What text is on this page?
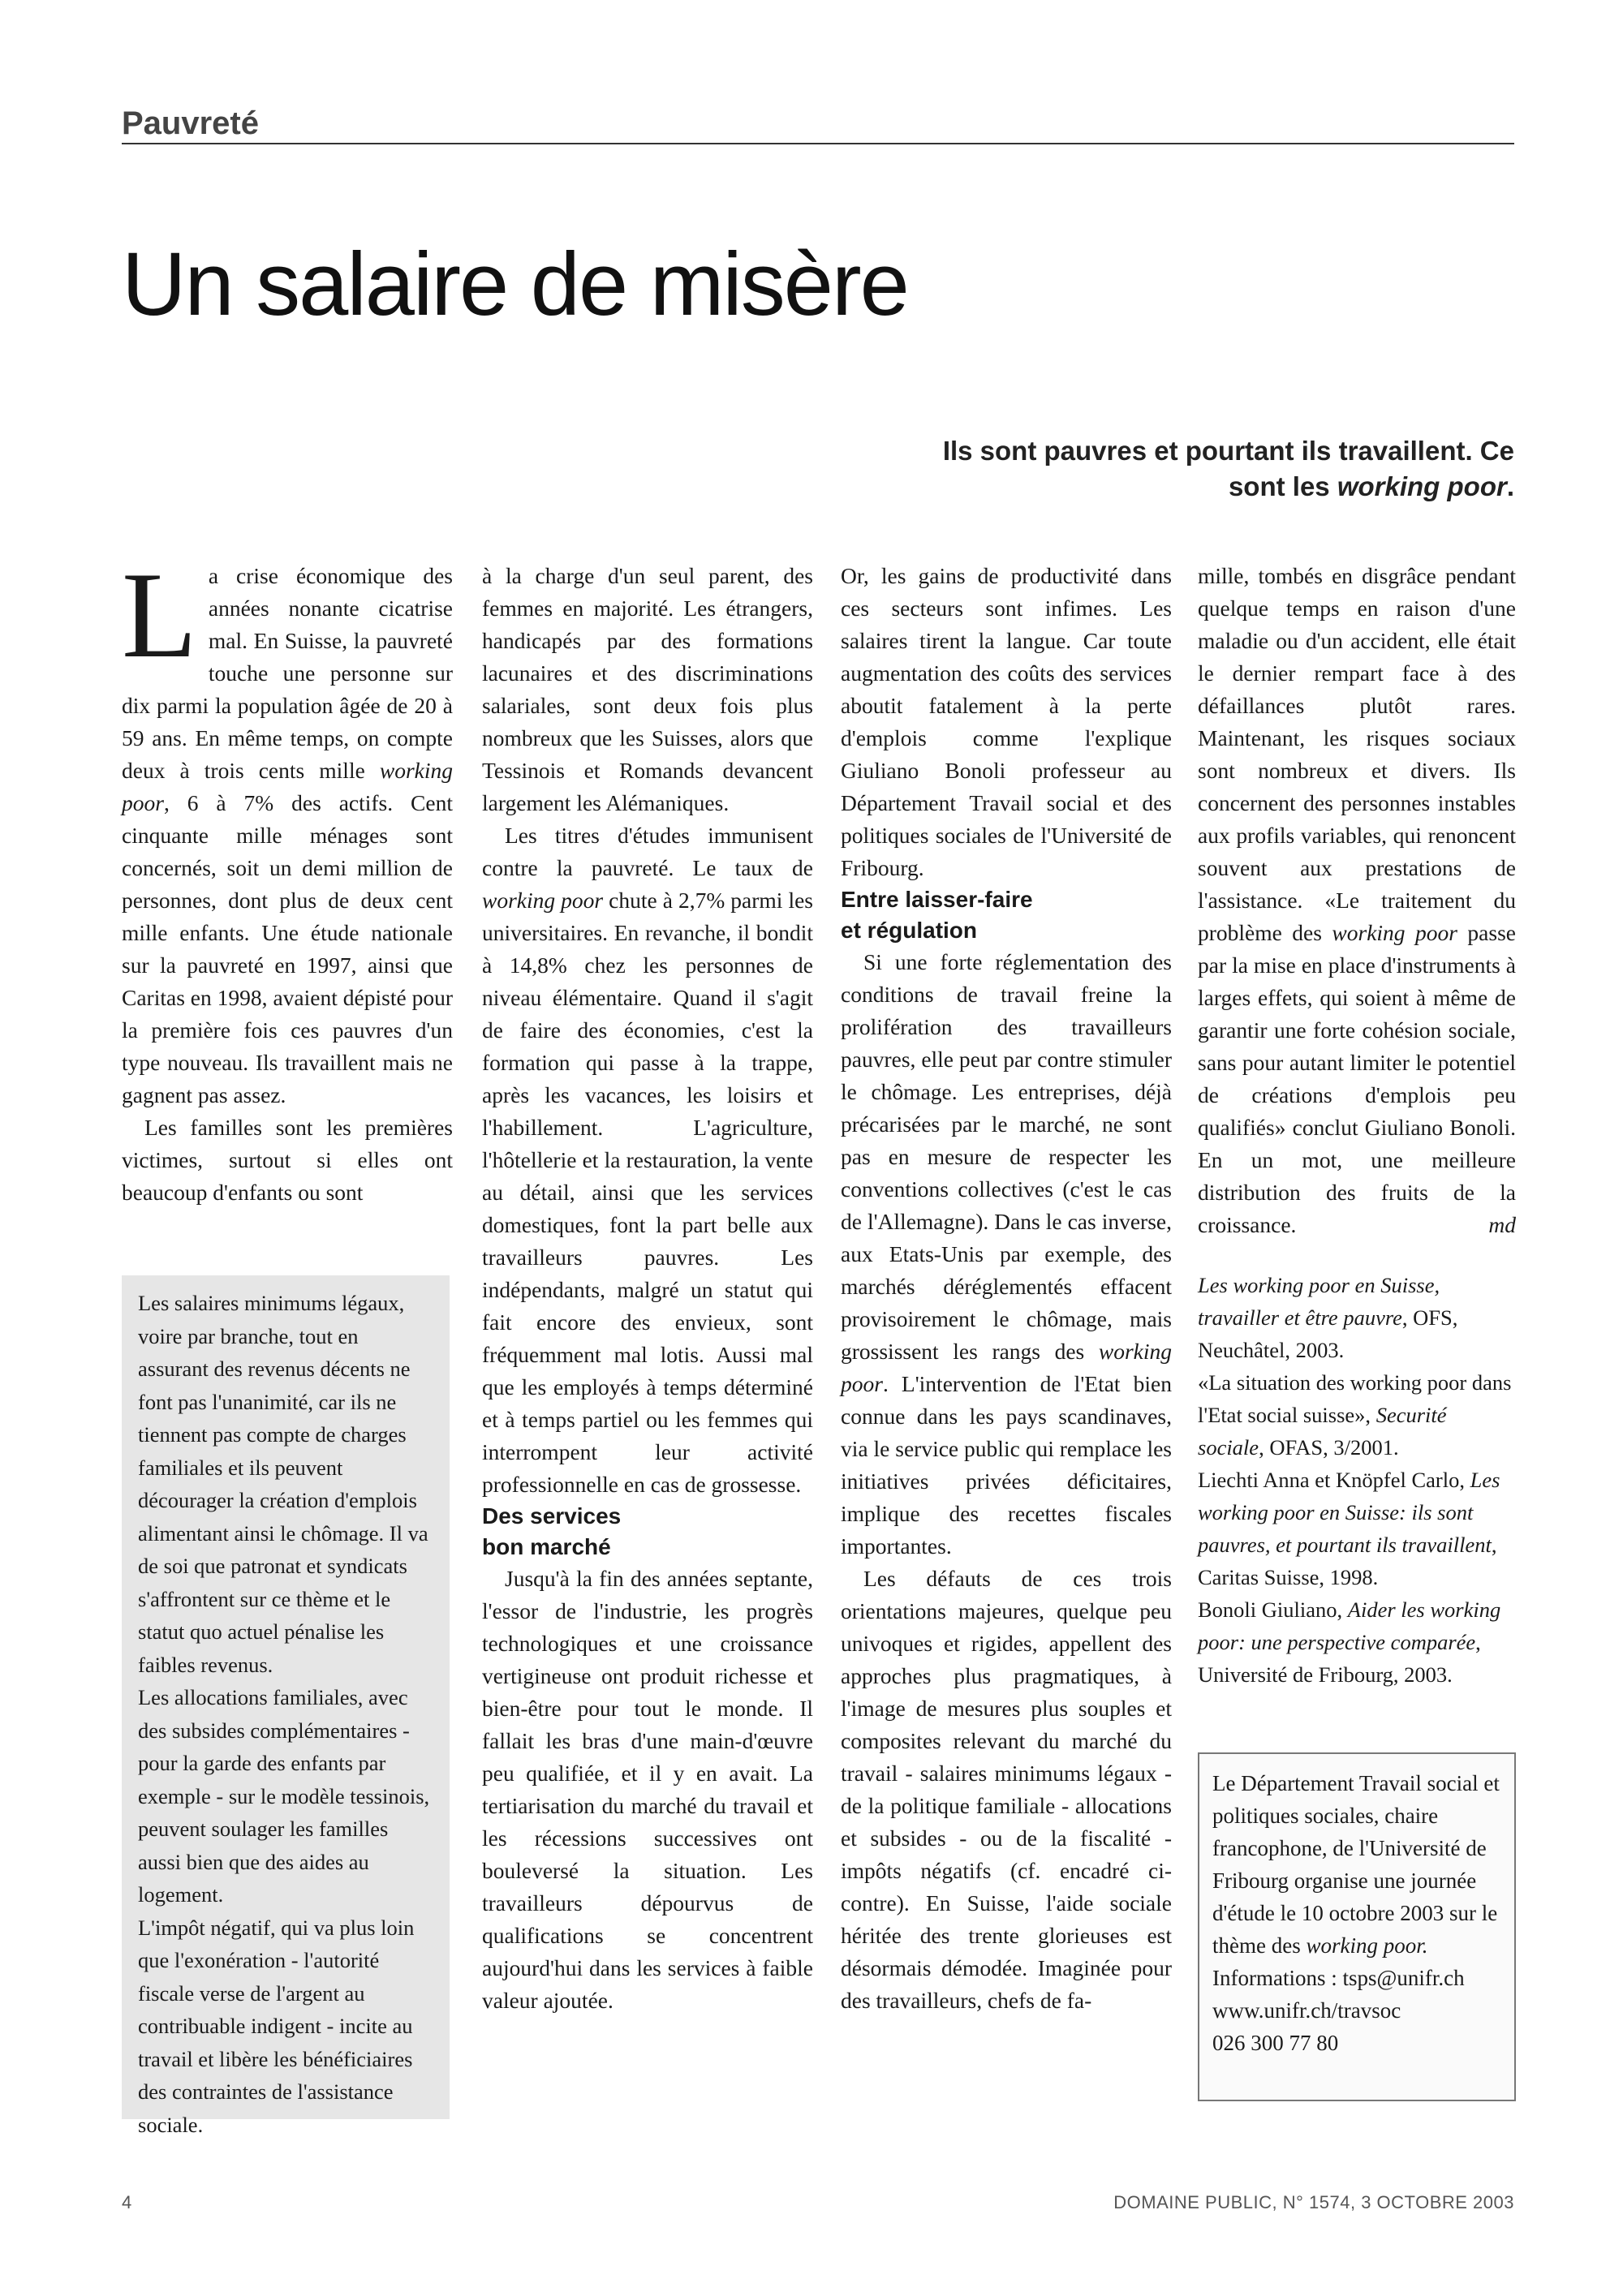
Pauvreté
Un salaire de misère
Ils sont pauvres et pourtant ils travaillent. Ce sont les working poor.

La crise économique des années nonante cicatrise mal. En Suisse, la pauvreté touche une personne sur dix parmi la population âgée de 20 à 59 ans. En même temps, on compte deux à trois cents mille working poor, 6 à 7% des actifs. Cent cinquante mille ménages sont concernés, soit un demi million de personnes, dont plus de deux cent mille enfants. Une étude nationale sur la pauvreté en 1997, ainsi que Caritas en 1998, avaient dépisté pour la première fois ces pauvres d'un type nouveau. Ils travaillent mais ne gagnent pas assez.

Les familles sont les premières victimes, surtout si elles ont beaucoup d'enfants ou sont

Les salaires minimums légaux, voire par branche, tout en assurant des revenus décents ne font pas l'unanimité, car ils ne tiennent pas compte de charges familiales et ils peuvent décourager la création d'emplois alimentant ainsi le chômage. Il va de soi que patronat et syndicats s'affrontent sur ce thème et le statut quo actuel pénalise les faibles revenus.

Les allocations familiales, avec des subsides complémentaires - pour la garde des enfants par exemple - sur le modèle tessinois, peuvent soulager les familles aussi bien que des aides au logement.

L'impôt négatif, qui va plus loin que l'exonération - l'autorité fiscale verse de l'argent au contribuable indigent - incite au travail et libère les bénéficiaires des contraintes de l'assistance sociale.

à la charge d'un seul parent, des femmes en majorité. Les étrangers, handicapés par des formations lacunaires et des discriminations salariales, sont deux fois plus nombreux que les Suisses, alors que Tessinois et Romands devancent largement les Alémaniques.

Les titres d'études immunisent contre la pauvreté. Le taux de working poor chute à 2,7% parmi les universitaires. En revanche, il bondit à 14,8% chez les personnes de niveau élémentaire. Quand il s'agit de faire des économies, c'est la formation qui passe à la trappe, après les vacances, les loisirs et l'habillement. L'agriculture, l'hôtellerie et la restauration, la vente au détail, ainsi que les services domestiques, font la part belle aux travailleurs pauvres. Les indépendants, malgré un statut qui fait encore des envieux, sont fréquemment mal lotis. Aussi mal que les employés à temps déterminé et à temps partiel ou les femmes qui interrompent leur activité professionnelle en cas de grossesse.

Des services
bon marché

Jusqu'à la fin des années septante, l'essor de l'industrie, les progrès technologiques et une croissance vertigineuse ont produit richesse et bien-être pour tout le monde. Il fallait les bras d'une main-d'œuvre peu qualifiée, et il y en avait. La tertiarisation du marché du travail et les récessions successives ont bouleversé la situation. Les travailleurs dépourvus de qualifications se concentrent aujourd'hui dans les services à faible valeur ajoutée.

Or, les gains de productivité dans ces secteurs sont infimes. Les salaires tirent la langue. Car toute augmentation des coûts des services aboutit fatalement à la perte d'emplois comme l'explique Giuliano Bonoli professeur au Département Travail social et des politiques sociales de l'Université de Fribourg.

Entre laisser-faire
et régulation

Si une forte réglementation des conditions de travail freine la prolifération des travailleurs pauvres, elle peut par contre stimuler le chômage. Les entreprises, déjà précarisées par le marché, ne sont pas en mesure de respecter les conventions collectives (c'est le cas de l'Allemagne). Dans le cas inverse, aux Etats-Unis par exemple, des marchés déréglementés effacent provisoirement le chômage, mais grossissent les rangs des working poor. L'intervention de l'Etat bien connue dans les pays scandinaves, via le service public qui remplace les initiatives privées déficitaires, implique des recettes fiscales importantes.

Les défauts de ces trois orientations majeures, quelque peu univoques et rigides, appellent des approches plus pragmatiques, à l'image de mesures plus souples et composites relevant du marché du travail - salaires minimums légaux - de la politique familiale - allocations et subsides - ou de la fiscalité - impôts négatifs (cf. encadré ci-contre). En Suisse, l'aide sociale héritée des trente glorieuses est désormais démodée. Imaginée pour des travailleurs, chefs de fa-

mille, tombés en disgrâce pendant quelque temps en raison d'une maladie ou d'un accident, elle était le dernier rempart face à des défaillances plutôt rares. Maintenant, les risques sociaux sont nombreux et divers. Ils concernent des personnes instables aux profils variables, qui renoncent souvent aux prestations de l'assistance. «Le traitement du problème des working poor passe par la mise en place d'instruments à larges effets, qui soient à même de garantir une forte cohésion sociale, sans pour autant limiter le potentiel de créations d'emplois peu qualifiés» conclut Giuliano Bonoli. En un mot, une meilleure distribution des fruits de la croissance.	md

Les working poor en Suisse, travailler et être pauvre, OFS, Neuchâtel, 2003.

«La situation des working poor dans l'Etat social suisse», Securité sociale, OFAS, 3/2001.

Liechti Anna et Knöpfel Carlo, Les working poor en Suisse: ils sont pauvres, et pourtant ils travaillent, Caritas Suisse, 1998.

Bonoli Giuliano, Aider les working poor: une perspective comparée, Université de Fribourg, 2003.

Le Département Travail social et politiques sociales, chaire francophone, de l'Université de Fribourg organise une journée d'étude le 10 octobre 2003 sur le thème des working poor.

Informations : tsps@unifr.ch

www.unifr.ch/travsoc

026 300 77 80

4	DOMAINE PUBLIC, N° 1574, 3 OCTOBRE 2003
